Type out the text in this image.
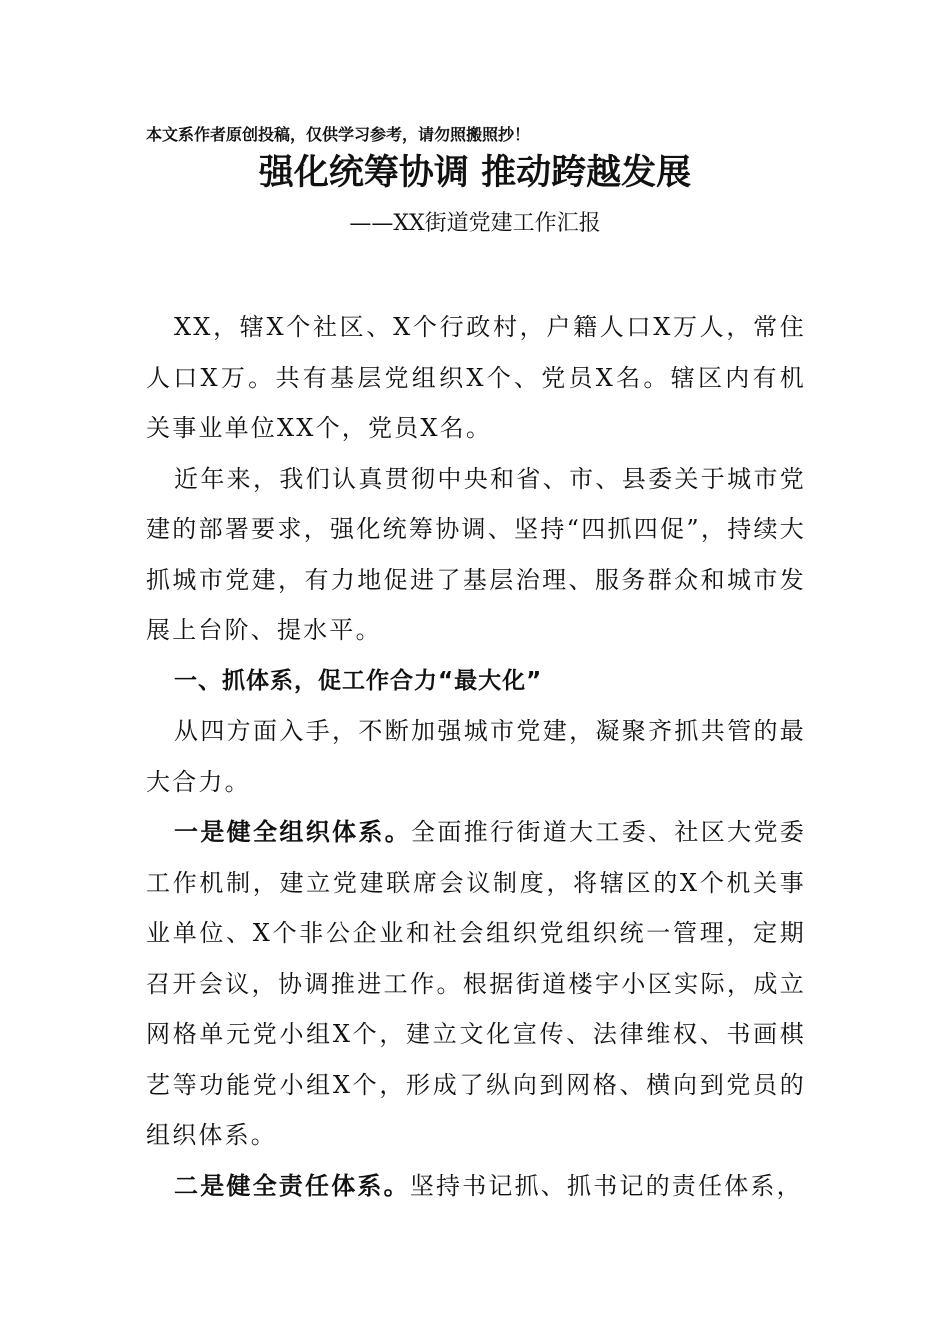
本文系作者原创投稿，仅供学习参考，请勿照搬照抄！
强化统筹协调 推动跨越发展
——XX街道党建工作汇报

XX，辖X个社区、X个行政村，户籍人口X万人，常住人口X万。共有基层党组织X个、党员X名。辖区内有机关事业单位XX个，党员X名。

近年来，我们认真贯彻中央和省、市、县委关于城市党建的部署要求，强化统筹协调、坚持“四抓四促”，持续大抓城市党建，有力地促进了基层治理、服务群众和城市发展上台阶、提水平。

一、抓体系，促工作合力“最大化”

从四方面入手，不断加强城市党建，凝聚齐抓共管的最大合力。

一是健全组织体系。全面推行街道大工委、社区大党委工作机制，建立党建联席会议制度，将辖区的X个机关事业单位、X个非公企业和社会组织党组织统一管理，定期召开会议，协调推进工作。根据街道楼宇小区实际，成立网格单元党小组X个，建立文化宣传、法律维权、书画棋艺等功能党小组X个，形成了纵向到网格、横向到党员的组织体系。

二是健全责任体系。坚持书记抓、抓书记的责任体系，
